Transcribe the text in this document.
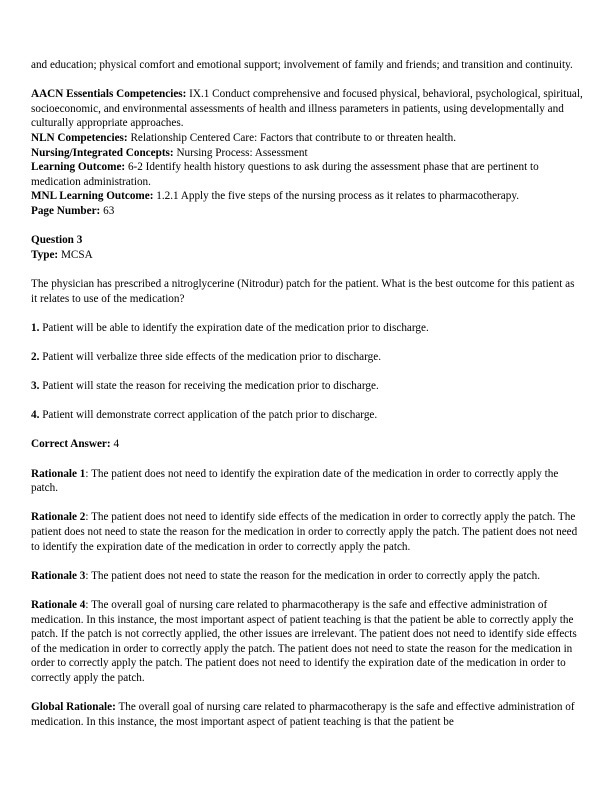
and education; physical comfort and emotional support; involvement of family and friends; and transition and continuity.

AACN Essentials Competencies: IX.1 Conduct comprehensive and focused physical, behavioral, psychological, spiritual, socioeconomic, and environmental assessments of health and illness parameters in patients, using developmentally and culturally appropriate approaches.

NLN Competencies: Relationship Centered Care: Factors that contribute to or threaten health.

Nursing/Integrated Concepts: Nursing Process: Assessment

Learning Outcome: 6-2 Identify health history questions to ask during the assessment phase that are pertinent to medication administration.

MNL Learning Outcome: 1.2.1 Apply the five steps of the nursing process as it relates to pharmacotherapy.

Page Number: 63

Question 3

Type: MCSA

The physician has prescribed a nitroglycerine (Nitrodur) patch for the patient. What is the best outcome for this patient as it relates to use of the medication?

1. Patient will be able to identify the expiration date of the medication prior to discharge.

2. Patient will verbalize three side effects of the medication prior to discharge.

3. Patient will state the reason for receiving the medication prior to discharge.

4. Patient will demonstrate correct application of the patch prior to discharge.

Correct Answer: 4

Rationale 1: The patient does not need to identify the expiration date of the medication in order to correctly apply the patch.

Rationale 2: The patient does not need to identify side effects of the medication in order to correctly apply the patch. The patient does not need to state the reason for the medication in order to correctly apply the patch. The patient does not need to identify the expiration date of the medication in order to correctly apply the patch.

Rationale 3: The patient does not need to state the reason for the medication in order to correctly apply the patch.

Rationale 4: The overall goal of nursing care related to pharmacotherapy is the safe and effective administration of medication. In this instance, the most important aspect of patient teaching is that the patient be able to correctly apply the patch. If the patch is not correctly applied, the other issues are irrelevant. The patient does not need to identify side effects of the medication in order to correctly apply the patch. The patient does not need to state the reason for the medication in order to correctly apply the patch. The patient does not need to identify the expiration date of the medication in order to correctly apply the patch.

Global Rationale: The overall goal of nursing care related to pharmacotherapy is the safe and effective administration of medication. In this instance, the most important aspect of patient teaching is that the patient be
